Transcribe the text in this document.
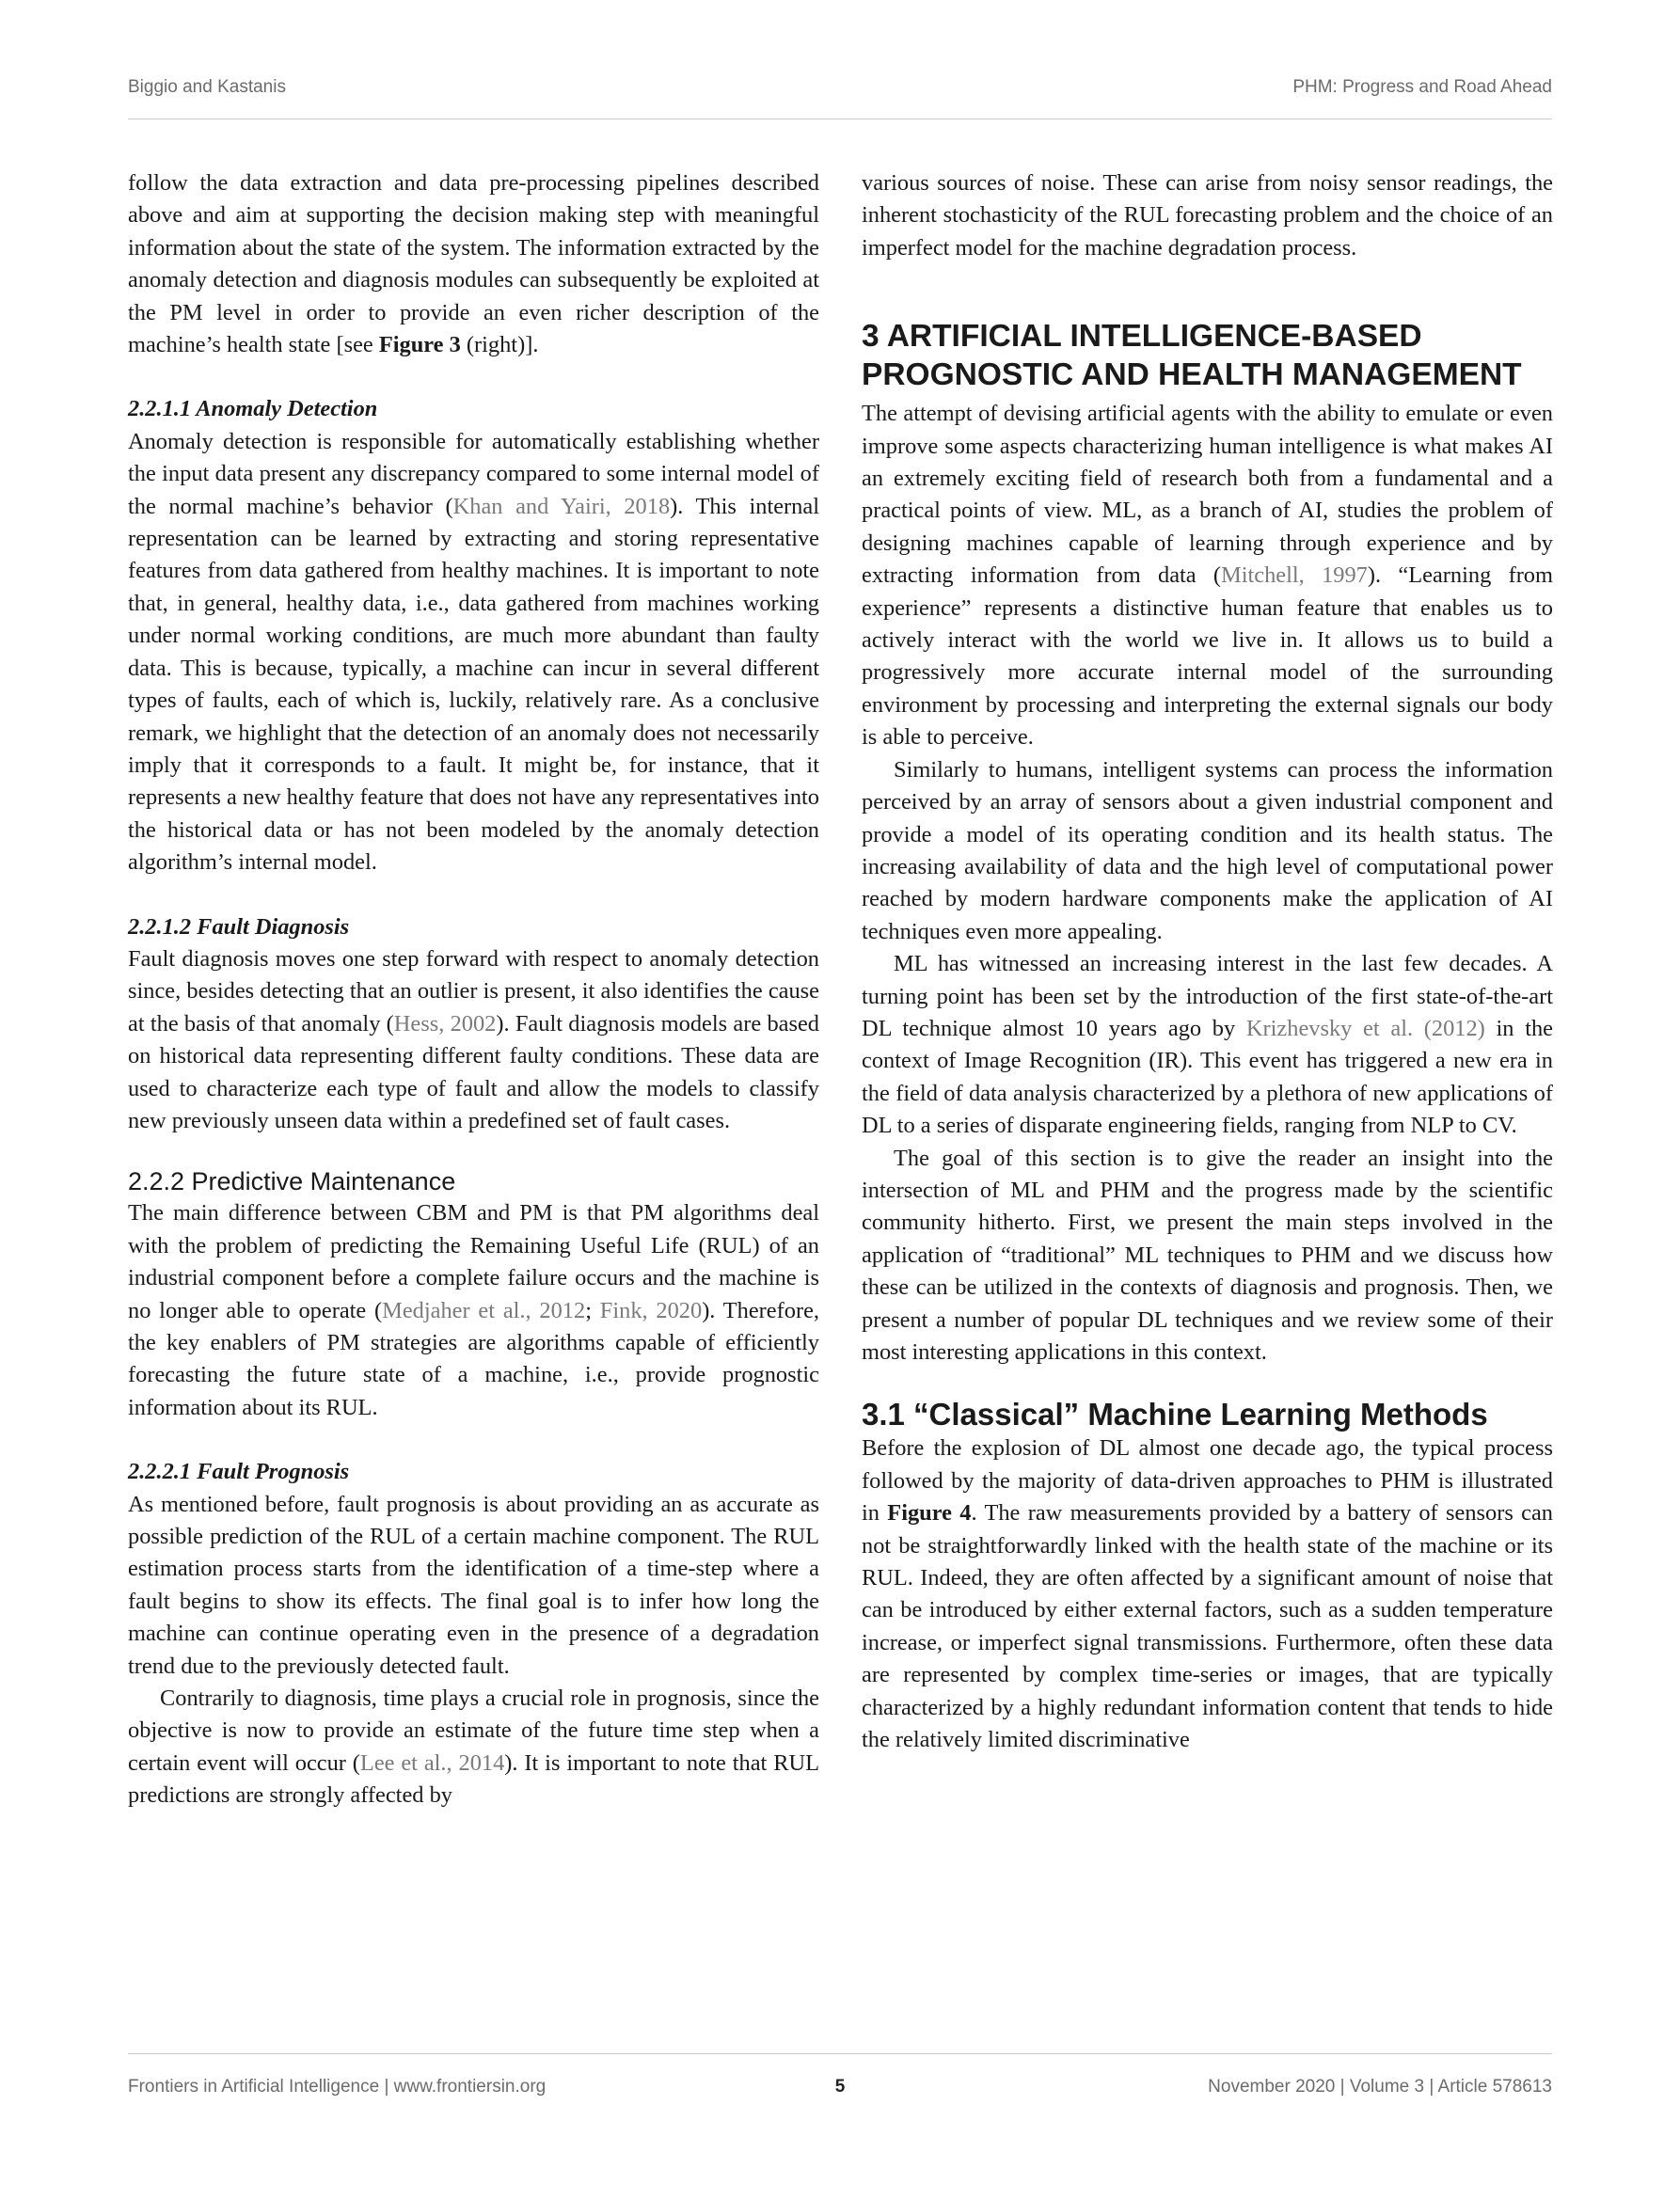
Biggio and Kastanis	PHM: Progress and Road Ahead

follow the data extraction and data pre-processing pipelines described above and aim at supporting the decision making step with meaningful information about the state of the system. The information extracted by the anomaly detection and diagnosis modules can subsequently be exploited at the PM level in order to provide an even richer description of the machine’s health state [see Figure 3 (right)].

2.2.1.1 Anomaly Detection

Anomaly detection is responsible for automatically establishing whether the input data present any discrepancy compared to some internal model of the normal machine’s behavior (Khan and Yairi, 2018). This internal representation can be learned by extracting and storing representative features from data gathered from healthy machines. It is important to note that, in general, healthy data, i.e., data gathered from machines working under normal working conditions, are much more abundant than faulty data. This is because, typically, a machine can incur in several different types of faults, each of which is, luckily, relatively rare. As a conclusive remark, we highlight that the detection of an anomaly does not necessarily imply that it corresponds to a fault. It might be, for instance, that it represents a new healthy feature that does not have any representatives into the historical data or has not been modeled by the anomaly detection algorithm’s internal model.

2.2.1.2 Fault Diagnosis

Fault diagnosis moves one step forward with respect to anomaly detection since, besides detecting that an outlier is present, it also identifies the cause at the basis of that anomaly (Hess, 2002). Fault diagnosis models are based on historical data representing different faulty conditions. These data are used to characterize each type of fault and allow the models to classify new previously unseen data within a predefined set of fault cases.

2.2.2 Predictive Maintenance

The main difference between CBM and PM is that PM algorithms deal with the problem of predicting the Remaining Useful Life (RUL) of an industrial component before a complete failure occurs and the machine is no longer able to operate (Medjaher et al., 2012; Fink, 2020). Therefore, the key enablers of PM strategies are algorithms capable of efficiently forecasting the future state of a machine, i.e., provide prognostic information about its RUL.

2.2.2.1 Fault Prognosis

As mentioned before, fault prognosis is about providing an as accurate as possible prediction of the RUL of a certain machine component. The RUL estimation process starts from the identification of a time-step where a fault begins to show its effects. The final goal is to infer how long the machine can continue operating even in the presence of a degradation trend due to the previously detected fault.

Contrarily to diagnosis, time plays a crucial role in prognosis, since the objective is now to provide an estimate of the future time step when a certain event will occur (Lee et al., 2014). It is important to note that RUL predictions are strongly affected by

various sources of noise. These can arise from noisy sensor readings, the inherent stochasticity of the RUL forecasting problem and the choice of an imperfect model for the machine degradation process.

3 ARTIFICIAL INTELLIGENCE-BASED PROGNOSTIC AND HEALTH MANAGEMENT

The attempt of devising artificial agents with the ability to emulate or even improve some aspects characterizing human intelligence is what makes AI an extremely exciting field of research both from a fundamental and a practical points of view. ML, as a branch of AI, studies the problem of designing machines capable of learning through experience and by extracting information from data (Mitchell, 1997). “Learning from experience” represents a distinctive human feature that enables us to actively interact with the world we live in. It allows us to build a progressively more accurate internal model of the surrounding environment by processing and interpreting the external signals our body is able to perceive.

Similarly to humans, intelligent systems can process the information perceived by an array of sensors about a given industrial component and provide a model of its operating condition and its health status. The increasing availability of data and the high level of computational power reached by modern hardware components make the application of AI techniques even more appealing.

ML has witnessed an increasing interest in the last few decades. A turning point has been set by the introduction of the first state-of-the-art DL technique almost 10 years ago by Krizhevsky et al. (2012) in the context of Image Recognition (IR). This event has triggered a new era in the field of data analysis characterized by a plethora of new applications of DL to a series of disparate engineering fields, ranging from NLP to CV.

The goal of this section is to give the reader an insight into the intersection of ML and PHM and the progress made by the scientific community hitherto. First, we present the main steps involved in the application of “traditional” ML techniques to PHM and we discuss how these can be utilized in the contexts of diagnosis and prognosis. Then, we present a number of popular DL techniques and we review some of their most interesting applications in this context.

3.1 “Classical” Machine Learning Methods

Before the explosion of DL almost one decade ago, the typical process followed by the majority of data-driven approaches to PHM is illustrated in Figure 4. The raw measurements provided by a battery of sensors can not be straightforwardly linked with the health state of the machine or its RUL. Indeed, they are often affected by a significant amount of noise that can be introduced by either external factors, such as a sudden temperature increase, or imperfect signal transmissions. Furthermore, often these data are represented by complex time-series or images, that are typically characterized by a highly redundant information content that tends to hide the relatively limited discriminative

Frontiers in Artificial Intelligence | www.frontiersin.org	5	November 2020 | Volume 3 | Article 578613
